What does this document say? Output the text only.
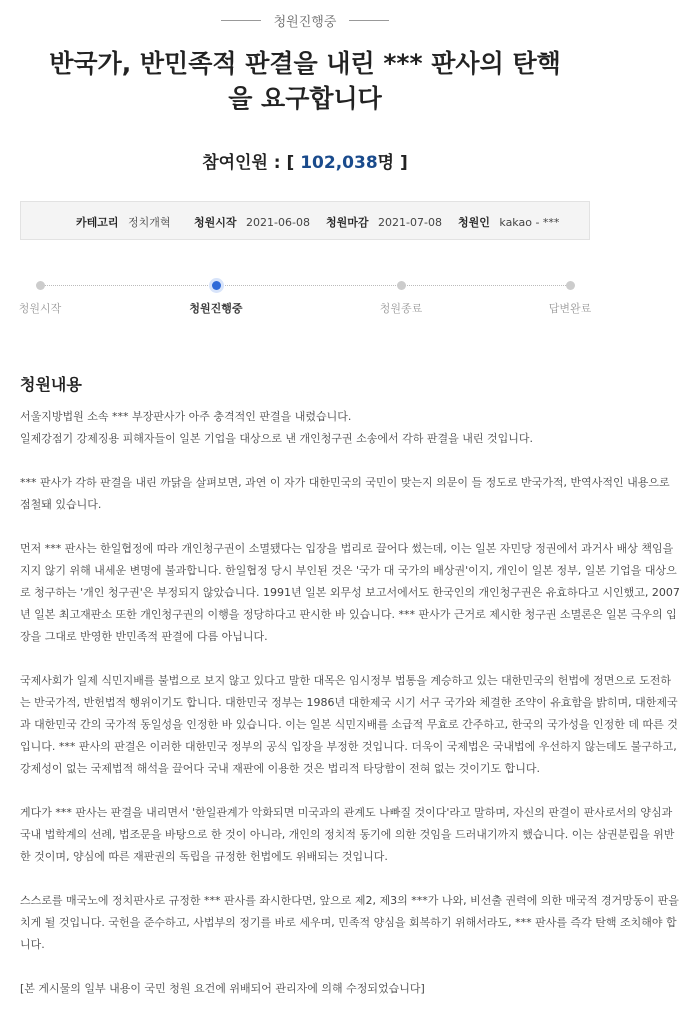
청원진행중
반국가, 반민족적 판결을 내린 *** 판사의 탄핵
을 요구합니다
참여인원 : [ 102,038명 ]
카테고리 정치개혁 청원시작 2021-06-08 청원마감 2021-07-08 청원인 kakao - ***
청원시작	청원진행중	청원종료	답변완료
청원내용

서울지방법원 소속 *** 부장판사가 아주 충격적인 판결을 내렸습니다.

일제강점기 강제징용 피해자들이 일본 기업을 대상으로 낸 개인청구권 소송에서 각하 판결을 내린 것입니다.

*** 판사가 각하 판결을 내린 까닭을 살펴보면, 과연 이 자가 대한민국의 국민이 맞는지 의문이 들 정도로 반국가적, 반역사적인 내용으로

점철돼 있습니다.

먼저 *** 판사는 한일협정에 따라 개인청구권이 소멸됐다는 입장을 법리로 끌어다 썼는데, 이는 일본 자민당 정권에서 과거사 배상 책임을

지지 않기 위해 내세운 변명에 불과합니다. 한일협정 당시 부인된 것은 '국가 대 국가의 배상권'이지, 개인이 일본 정부, 일본 기업을 대상으

로 청구하는 '개인 청구권'은 부정되지 않았습니다. 1991년 일본 외무성 보고서에서도 한국인의 개인청구권은 유효하다고 시인했고, 2007

년 일본 최고재판소 또한 개인청구권의 이행을 정당하다고 판시한 바 있습니다. *** 판사가 근거로 제시한 청구권 소멸론은 일본 극우의 입

장을 그대로 반영한 반민족적 판결에 다름 아닙니다.

국제사회가 일제 식민지배를 불법으로 보지 않고 있다고 말한 대목은 임시정부 법통을 계승하고 있는 대한민국의 헌법에 정면으로 도전하

는 반국가적, 반헌법적 행위이기도 합니다. 대한민국 정부는 1986년 대한제국 시기 서구 국가와 체결한 조약이 유효함을 밝히며, 대한제국

과 대한민국 간의 국가적 동일성을 인정한 바 있습니다. 이는 일본 식민지배를 소급적 무효로 간주하고, 한국의 국가성을 인정한 데 따른 것

입니다. *** 판사의 판결은 이러한 대한민국 정부의 공식 입장을 부정한 것입니다. 더욱이 국제법은 국내법에 우선하지 않는데도 불구하고,

강제성이 없는 국제법적 해석을 끌어다 국내 재판에 이용한 것은 법리적 타당함이 전혀 없는 것이기도 합니다.

게다가 *** 판사는 판결을 내리면서 '한일관계가 악화되면 미국과의 관계도 나빠질 것이다'라고 말하며, 자신의 판결이 판사로서의 양심과

국내 법학계의 선례, 법조문을 바탕으로 한 것이 아니라, 개인의 정치적 동기에 의한 것임을 드러내기까지 했습니다. 이는 삼권분립을 위반

한 것이며, 양심에 따른 재판권의 독립을 규정한 헌법에도 위배되는 것입니다.

스스로를 매국노에 정치판사로 규정한 *** 판사를 좌시한다면, 앞으로 제2, 제3의 ***가 나와, 비선출 권력에 의한 매국적 경거망동이 판을

치게 될 것입니다. 국헌을 준수하고, 사법부의 정기를 바로 세우며, 민족적 양심을 회복하기 위해서라도, *** 판사를 즉각 탄핵 조치해야 합

니다.

[본 게시물의 일부 내용이 국민 청원 요건에 위배되어 관리자에 의해 수정되었습니다]
